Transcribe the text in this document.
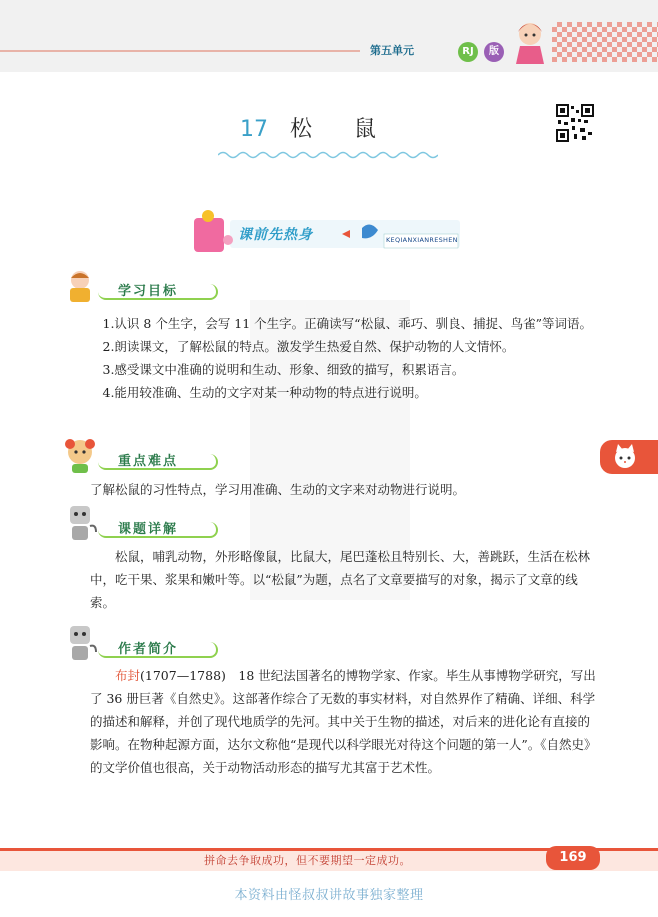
第五单元	RJ	版
17 松 鼠
课前先热身	KEQIANXIANRESHEN
学习目标

1.认识 8 个生字，会写 11 个生字。正确读写“松鼠、乖巧、驯良、捕捉、鸟雀”等词语。

2.朗读课文，了解松鼠的特点。激发学生热爱自然、保护动物的人文情怀。

3.感受课文中准确的说明和生动、形象、细致的描写，积累语言。

4.能用较准确、生动的文字对某一种动物的特点进行说明。

重点难点

了解松鼠的习性特点，学习用准确、生动的文字来对动物进行说明。

课题详解

松鼠，哺乳动物，外形略像鼠，比鼠大，尾巴蓬松且特别长、大，善跳跃，生活在松林中，吃干果、浆果和嫩叶等。以“松鼠”为题，点名了文章要描写的对象，揭示了文章的线索。

作者简介

布封(1707—1788)　18 世纪法国著名的博物学家、作家。毕生从事博物学研究，写出了 36 册巨著《自然史》。这部著作综合了无数的事实材料，对自然界作了精确、详细、科学的描述和解释，并创了现代地质学的先河。其中关于生物的描述，对后来的进化论有直接的影响。在物种起源方面，达尔文称他“是现代以科学眼光对待这个问题的第一人”。《自然史》的文学价值也很高，关于动物活动形态的描写尤其富于艺术性。

拼命去争取成功，但不要期望一定成功。	169
本资料由怪叔叔讲故事独家整理
